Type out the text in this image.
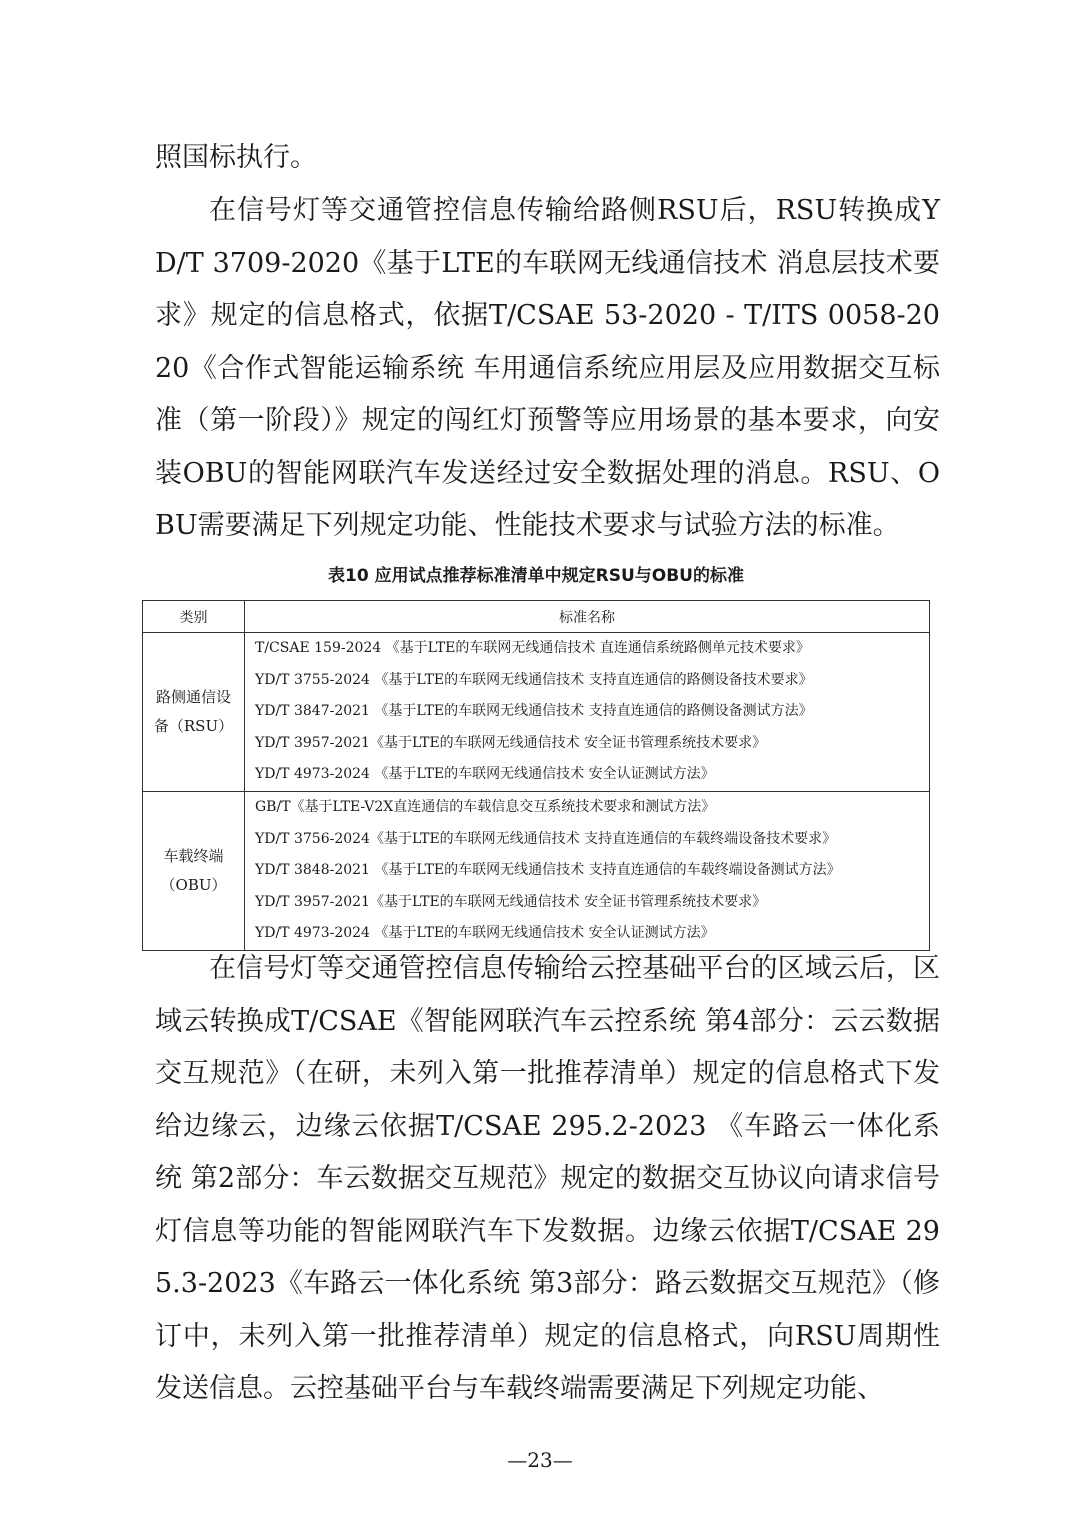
照国标执行。

在信号灯等交通管控信息传输给路侧RSU后，RSU转换成YD/T 3709-2020《基于LTE的车联网无线通信技术 消息层技术要求》规定的信息格式，依据T/CSAE 53-2020 - T/ITS 0058-2020《合作式智能运输系统 车用通信系统应用层及应用数据交互标准（第一阶段）》规定的闯红灯预警等应用场景的基本要求，向安装OBU的智能网联汽车发送经过安全数据处理的消息。RSU、OBU需要满足下列规定功能、性能技术要求与试验方法的标准。

表10 应用试点推荐标准清单中规定RSU与OBU的标准
类别	标准名称
路侧通信设
备（RSU）	T/CSAE 159-2024 《基于LTE的车联网无线通信技术 直连通信系统路侧单元技术要求》
YD/T 3755-2024 《基于LTE的车联网无线通信技术 支持直连通信的路侧设备技术要求》
YD/T 3847-2021 《基于LTE的车联网无线通信技术 支持直连通信的路侧设备测试方法》
YD/T 3957-2021《基于LTE的车联网无线通信技术 安全证书管理系统技术要求》
YD/T 4973-2024 《基于LTE的车联网无线通信技术 安全认证测试方法》

车载终端
（OBU）	GB/T《基于LTE-V2X直连通信的车载信息交互系统技术要求和测试方法》
YD/T 3756-2024《基于LTE的车联网无线通信技术 支持直连通信的车载终端设备技术要求》
YD/T 3848-2021 《基于LTE的车联网无线通信技术 支持直连通信的车载终端设备测试方法》
YD/T 3957-2021《基于LTE的车联网无线通信技术 安全证书管理系统技术要求》
YD/T 4973-2024 《基于LTE的车联网无线通信技术 安全认证测试方法》

在信号灯等交通管控信息传输给云控基础平台的区域云后，区域云转换成T/CSAE《智能网联汽车云控系统 第4部分：云云数据交互规范》（在研，未列入第一批推荐清单）规定的信息格式下发给边缘云，边缘云依据T/CSAE 295.2-2023 《车路云一体化系统 第2部分：车云数据交互规范》规定的数据交互协议向请求信号灯信息等功能的智能网联汽车下发数据。边缘云依据T/CSAE 295.3-2023《车路云一体化系统 第3部分：路云数据交互规范》（修订中，未列入第一批推荐清单）规定的信息格式，向RSU周期性发送信息。云控基础平台与车载终端需要满足下列规定功能、

—23—
